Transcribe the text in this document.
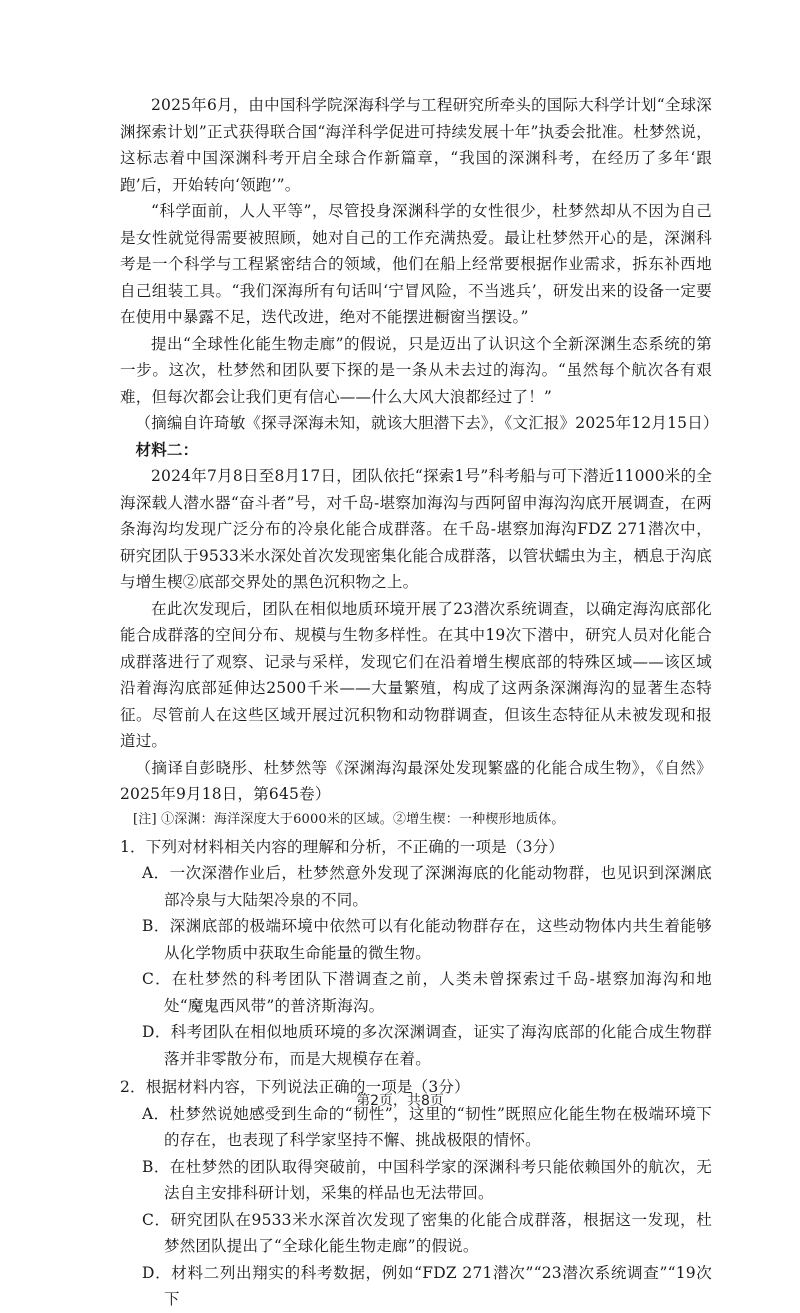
2025年6月，由中国科学院深海科学与工程研究所牵头的国际大科学计划“全球深渊探索计划”正式获得联合国“海洋科学促进可持续发展十年”执委会批准。杜梦然说，这标志着中国深渊科考开启全球合作新篇章，“我国的深渊科考，在经历了多年‘跟跑’后，开始转向‘领跑’”。

“科学面前，人人平等”，尽管投身深渊科学的女性很少，杜梦然却从不因为自己是女性就觉得需要被照顾，她对自己的工作充满热爱。最让杜梦然开心的是，深渊科考是一个科学与工程紧密结合的领域，他们在船上经常要根据作业需求，拆东补西地自己组装工具。“我们深海所有句话叫‘宁冒风险，不当逃兵’，研发出来的设备一定要在使用中暴露不足，迭代改进，绝对不能摆进橱窗当摆设。”

提出“全球性化能生物走廊”的假说，只是迈出了认识这个全新深渊生态系统的第一步。这次，杜梦然和团队要下探的是一条从未去过的海沟。“虽然每个航次各有艰难，但每次都会让我们更有信心——什么大风大浪都经过了！”

（摘编自许琦敏《探寻深海未知，就该大胆潜下去》，《文汇报》2025年12月15日）

材料二：

2024年7月8日至8月17日，团队依托“探索1号”科考船与可下潜近11000米的全海深载人潜水器“奋斗者”号，对千岛-堪察加海沟与西阿留申海沟沟底开展调查，在两条海沟均发现广泛分布的冷泉化能合成群落。在千岛-堪察加海沟FDZ 271潜次中，研究团队于9533米水深处首次发现密集化能合成群落，以管状蠕虫为主，栖息于沟底与增生楔②底部交界处的黑色沉积物之上。

在此次发现后，团队在相似地质环境开展了23潜次系统调查，以确定海沟底部化能合成群落的空间分布、规模与生物多样性。在其中19次下潜中，研究人员对化能合成群落进行了观察、记录与采样，发现它们在沿着增生楔底部的特殊区域——该区域沿着海沟底部延伸达2500千米——大量繁殖，构成了这两条深渊海沟的显著生态特征。尽管前人在这些区域开展过沉积物和动物群调查，但该生态特征从未被发现和报道过。

（摘译自彭晓彤、杜梦然等《深渊海沟最深处发现繁盛的化能合成生物》，《自然》2025年9月18日，第645卷）

[注] ①深渊：海洋深度大于6000米的区域。②增生楔：一种楔形地质体。

1．下列对材料相关内容的理解和分析，不正确的一项是（3分）

A．一次深潜作业后，杜梦然意外发现了深渊海底的化能动物群，也见识到深渊底部冷泉与大陆架冷泉的不同。

B．深渊底部的极端环境中依然可以有化能动物群存在，这些动物体内共生着能够从化学物质中获取生命能量的微生物。

C．在杜梦然的科考团队下潜调查之前，人类未曾探索过千岛-堪察加海沟和地处“魔鬼西风带”的普济斯海沟。

D．科考团队在相似地质环境的多次深渊调查，证实了海沟底部的化能合成生物群落并非零散分布，而是大规模存在着。

2．根据材料内容，下列说法正确的一项是（3分）

A．杜梦然说她感受到生命的“韧性”，这里的“韧性”既照应化能生物在极端环境下的存在，也表现了科学家坚持不懈、挑战极限的情怀。

B．在杜梦然的团队取得突破前，中国科学家的深渊科考只能依赖国外的航次，无法自主安排科研计划，采集的样品也无法带回。

C．研究团队在9533米水深首次发现了密集的化能合成群落，根据这一发现，杜梦然团队提出了“全球化能生物走廊”的假说。

D．材料二列出翔实的科考数据，例如“FDZ 271潜次”“23潜次系统调查”“19次下

第2页，共8页
